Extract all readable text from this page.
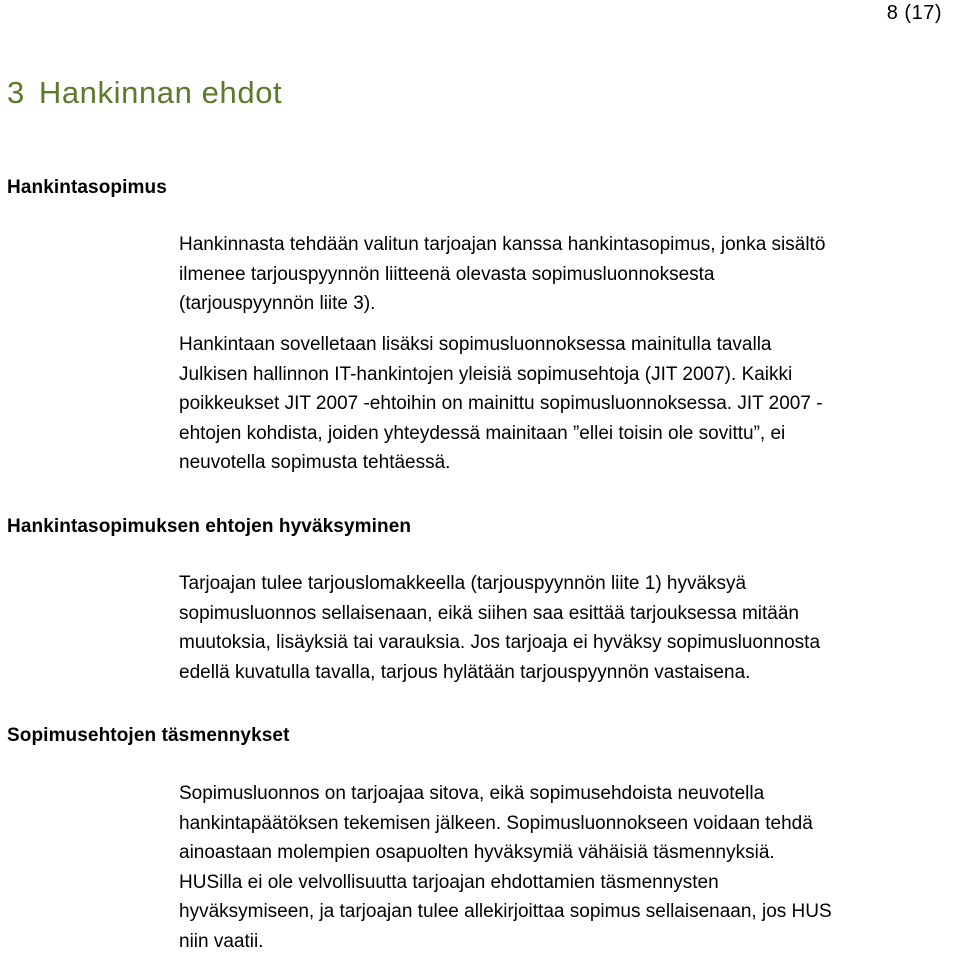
8 (17)
3 Hankinnan ehdot
Hankintasopimus

Hankinnasta tehdään valitun tarjoajan kanssa hankintasopimus, jonka sisältö
ilmenee tarjouspyynnön liitteenä olevasta sopimusluonnoksesta
(tarjouspyynnön liite 3).

Hankintaan sovelletaan lisäksi sopimusluonnoksessa mainitulla tavalla
Julkisen hallinnon IT-hankintojen yleisiä sopimusehtoja (JIT 2007). Kaikki
poikkeukset JIT 2007 -ehtoihin on mainittu sopimusluonnoksessa. JIT 2007 -
ehtojen kohdista, joiden yhteydessä mainitaan ”ellei toisin ole sovittu”, ei
neuvotella sopimusta tehtäessä.

Hankintasopimuksen ehtojen hyväksyminen

Tarjoajan tulee tarjouslomakkeella (tarjouspyynnön liite 1) hyväksyä
sopimusluonnos sellaisenaan, eikä siihen saa esittää tarjouksessa mitään
muutoksia, lisäyksiä tai varauksia. Jos tarjoaja ei hyväksy sopimusluonnosta
edellä kuvatulla tavalla, tarjous hylätään tarjouspyynnön vastaisena.

Sopimusehtojen täsmennykset

Sopimusluonnos on tarjoajaa sitova, eikä sopimusehdoista neuvotella
hankintapäätöksen tekemisen jälkeen. Sopimusluonnokseen voidaan tehdä
ainoastaan molempien osapuolten hyväksymiä vähäisiä täsmennyksiä.
HUSilla ei ole velvollisuutta tarjoajan ehdottamien täsmennysten
hyväksymiseen, ja tarjoajan tulee allekirjoittaa sopimus sellaisenaan, jos HUS
niin vaatii.
